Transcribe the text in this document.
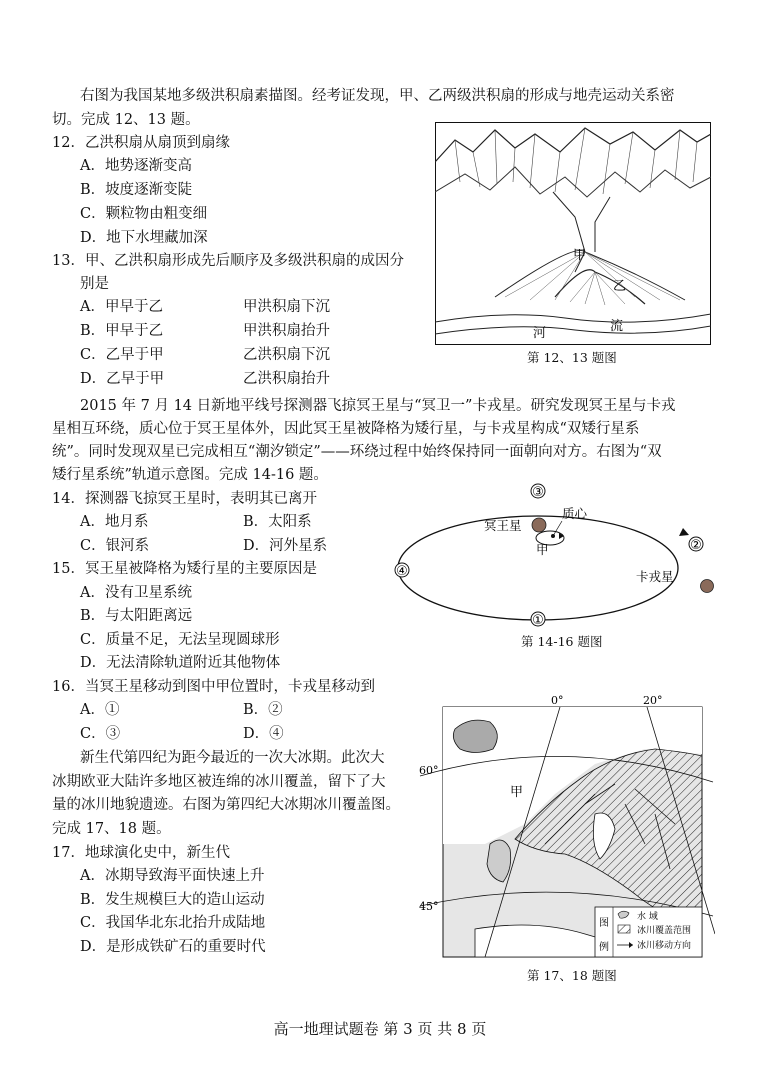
右图为我国某地多级洪积扇素描图。经考证发现，甲、乙两级洪积扇的形成与地壳运动关系密
切。完成 12、13 题。
12．乙洪积扇从扇顶到扇缘
A．地势逐渐变高
B．坡度逐渐变陡
C．颗粒物由粗变细
D．地下水埋藏加深
13．甲、乙洪积扇形成先后顺序及多级洪积扇的成因分
别是
A．甲早于乙	甲洪积扇下沉
B．甲早于乙	甲洪积扇抬升
C．乙早于甲	乙洪积扇下沉
D．乙早于甲	乙洪积扇抬升
甲
乙
河	流
第 12、13 题图
2015 年 7 月 14 日新地平线号探测器飞掠冥王星与“冥卫一”卡戎星。研究发现冥王星与卡戎
星相互环绕，质心位于冥王星体外，因此冥王星被降格为矮行星，与卡戎星构成“双矮行星系
统”。同时发现双星已完成相互“潮汐锁定”——环绕过程中始终保持同一面朝向对方。右图为“双
矮行星系统”轨道示意图。完成 14-16 题。
14．探测器飞掠冥王星时，表明其已离开
A．地月系	B．太阳系
C．银河系	D．河外星系
15．冥王星被降格为矮行星的主要原因是
A．没有卫星系统
B．与太阳距离远
C．质量不足，无法呈现圆球形
D．无法清除轨道附近其他物体
③
②
①
④
冥王星
质心
甲
卡戎星
第 14-16 题图
16．当冥王星移动到图中甲位置时，卡戎星移动到
A．①	B．②
C．③	D．④
新生代第四纪为距今最近的一次大冰期。此次大
冰期欧亚大陆许多地区被连绵的冰川覆盖，留下了大
量的冰川地貌遗迹。右图为第四纪大冰期冰川覆盖图。
完成 17、18 题。
17．地球演化史中，新生代
A．冰期导致海平面快速上升
B．发生规模巨大的造山运动
C．我国华北东北抬升成陆地
D．是形成铁矿石的重要时代
0°	20°
60°
45°
甲
图
例
水 域
冰川覆盖范围
冰川移动方向
第 17、18 题图
高一地理试题卷 第 3 页 共 8 页
